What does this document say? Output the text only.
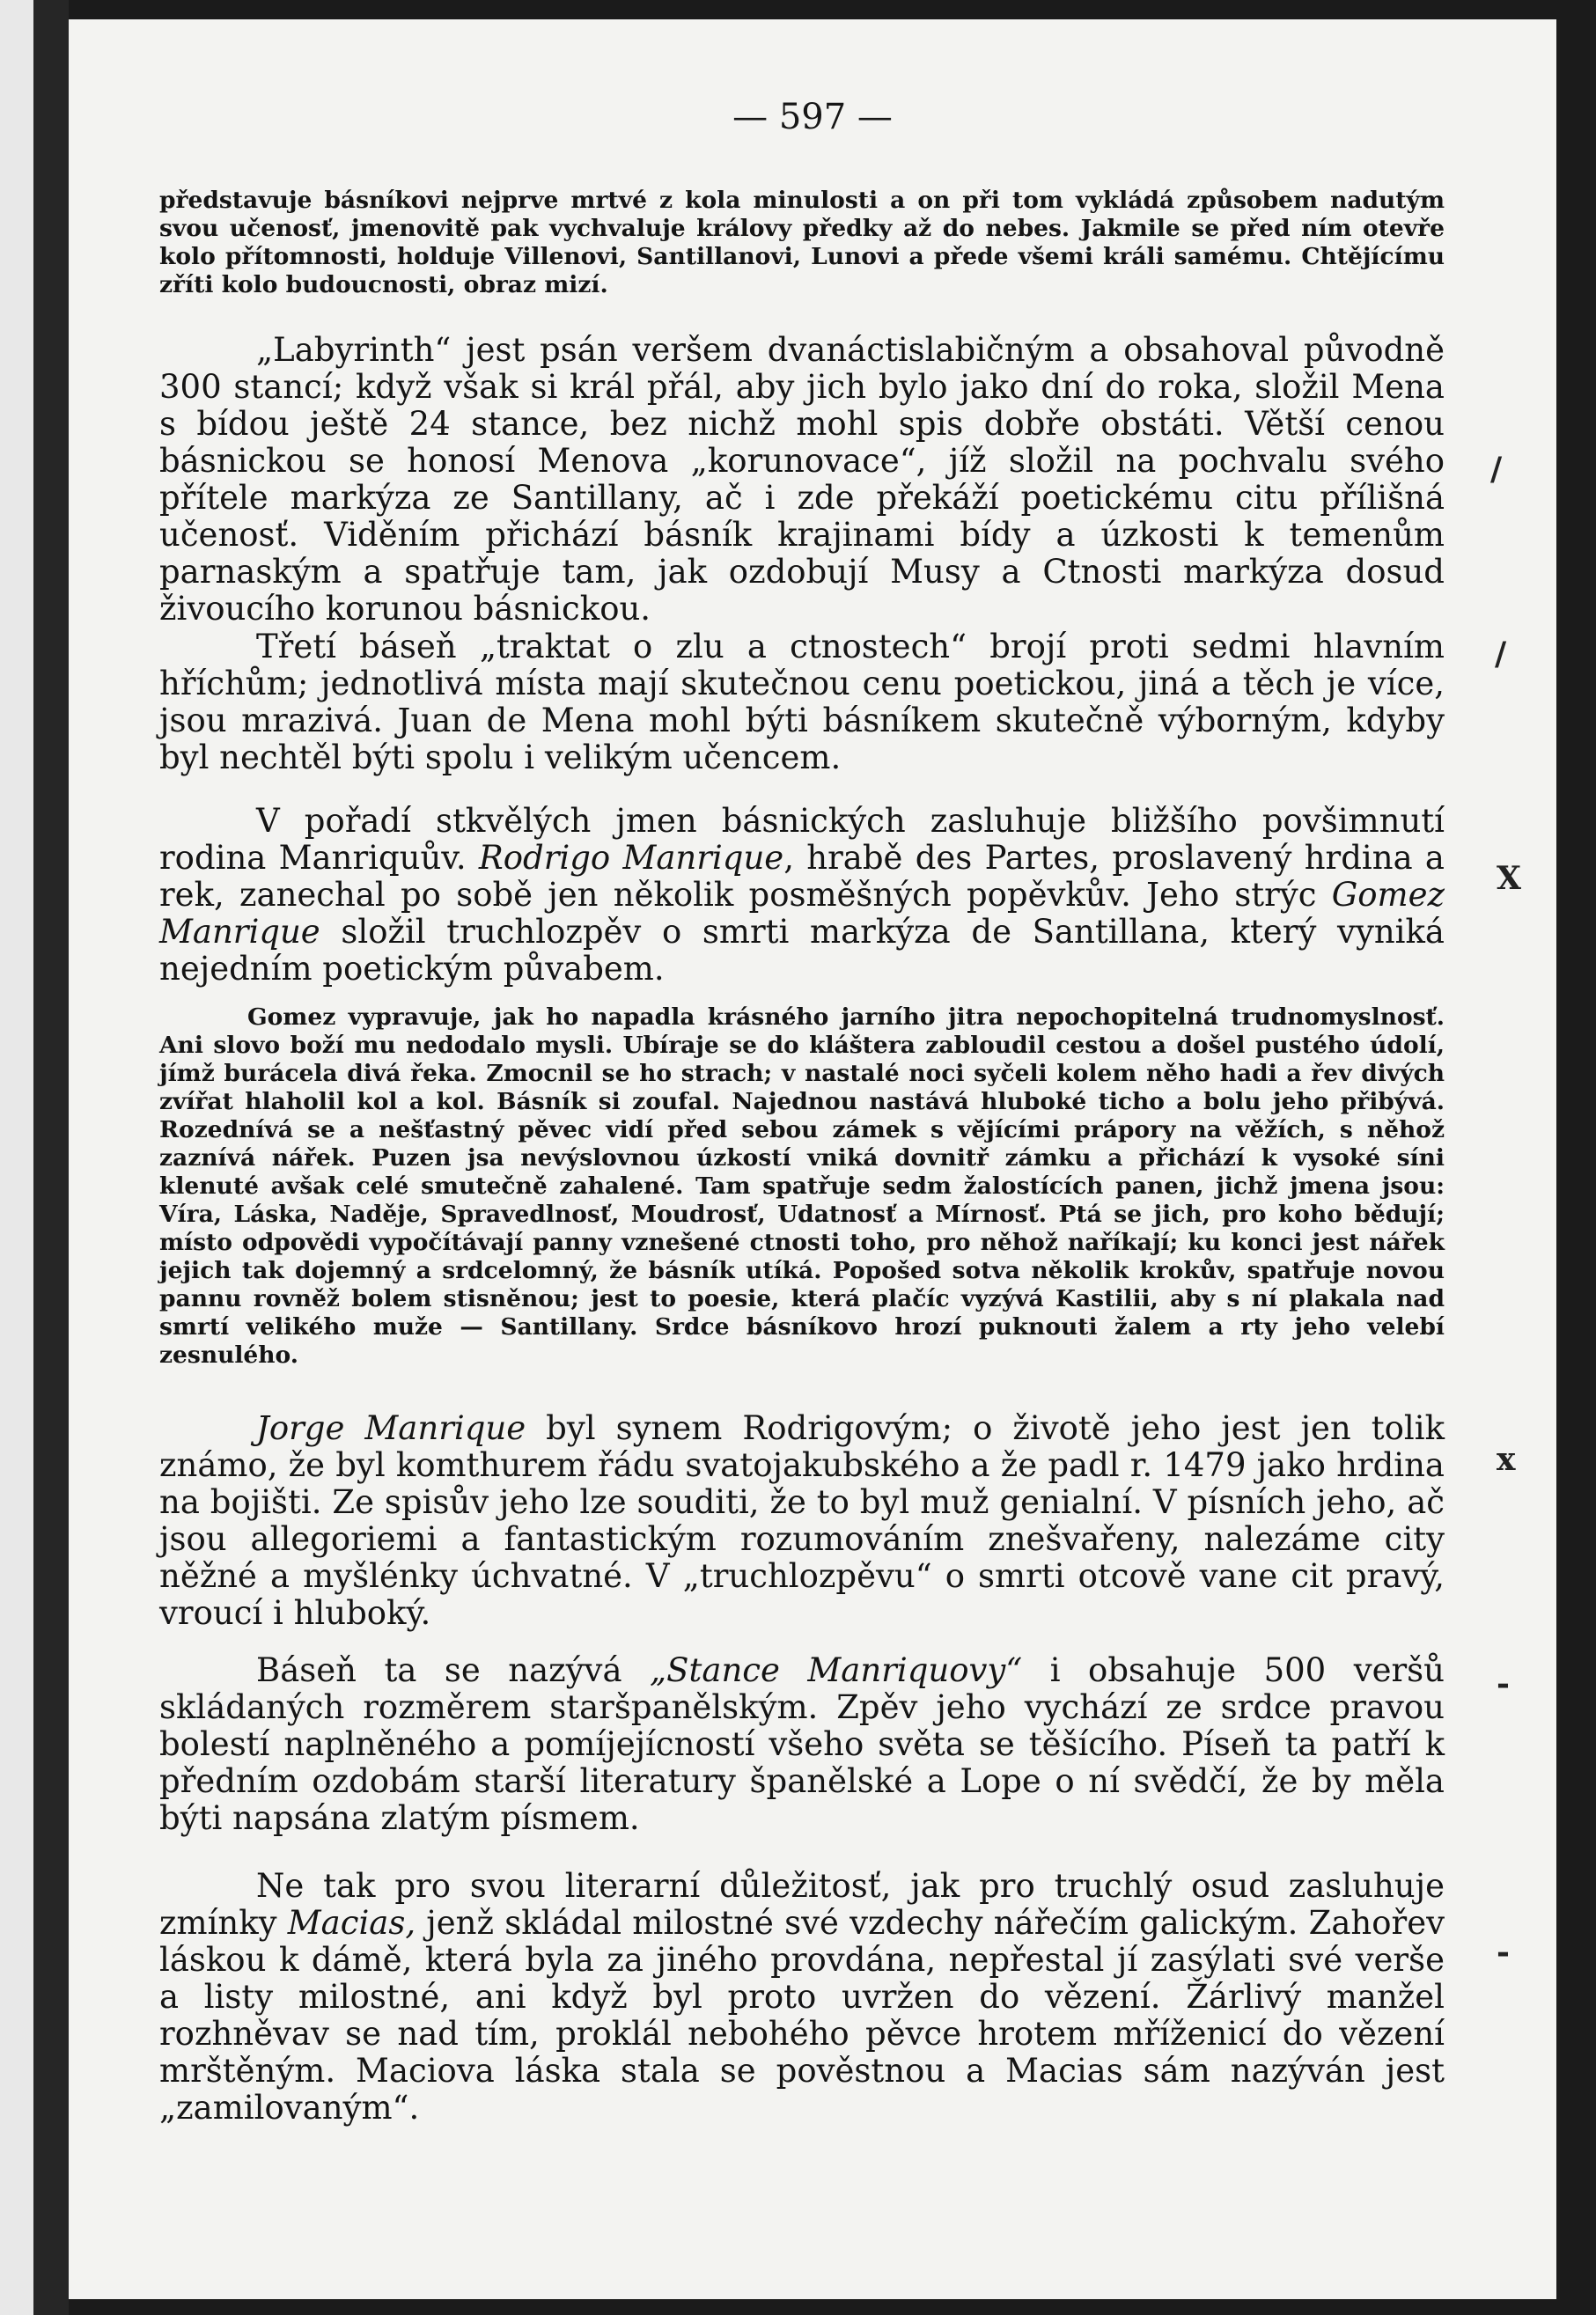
— 597 —

představuje básníkovi nejprve mrtvé z kola minulosti a on při tom vykládá způsobem nadutým svou učenosť, jmenovitě pak vychvaluje královy předky až do nebes. Jakmile se před ním otevře kolo přítomnosti, holduje Villenovi, Santillanovi, Lunovi a přede všemi králi samému. Chtějícímu zříti kolo budoucnosti, obraz mizí.

„Labyrinth“ jest psán veršem dvanáctislabičným a obsahoval původně 300 stancí; když však si král přál, aby jich bylo jako dní do roka, složil Mena s bídou ještě 24 stance, bez nichž mohl spis dobře obstáti. Větší cenou básnickou se honosí Menova „korunovace“, jíž složil na pochvalu svého přítele markýza ze Santillany, ač i zde překáží poetickému citu přílišná učenosť. Viděním přichází básník krajinami bídy a úzkosti k temenům parnaským a spatřuje tam, jak ozdobují Musy a Ctnosti markýza dosud živoucího korunou básnickou.

Třetí báseň „traktat o zlu a ctnostech“ brojí proti sedmi hlavním hříchům; jednotlivá místa mají skutečnou cenu poetickou, jiná a těch je více, jsou mrazivá. Juan de Mena mohl býti básníkem skutečně výborným, kdyby byl nechtěl býti spolu i velikým učencem.

V pořadí stkvělých jmen básnických zasluhuje bližšího povšimnutí rodina Manriquův. Rodrigo Manrique, hrabě des Partes, proslavený hrdina a rek, zanechal po sobě jen několik posměšných popěvkův. Jeho strýc Gomez Manrique složil truchlozpěv o smrti markýza de Santillana, který vyniká nejedním poetickým půvabem.

Gomez vypravuje, jak ho napadla krásného jarního jitra nepochopitelná trudnomyslnosť. Ani slovo boží mu nedodalo mysli. Ubíraje se do kláštera zabloudil cestou a došel pustého údolí, jímž burácela divá řeka. Zmocnil se ho strach; v nastalé noci syčeli kolem něho hadi a řev divých zvířat hlaholil kol a kol. Básník si zoufal. Najednou nastává hluboké ticho a bolu jeho přibývá. Rozednívá se a nešťastný pěvec vidí před sebou zámek s vějícími prápory na věžích, s něhož zaznívá nářek. Puzen jsa nevýslovnou úzkostí vniká dovnitř zámku a přichází k vysoké síni klenuté avšak celé smutečně zahalené. Tam spatřuje sedm žalostících panen, jichž jmena jsou: Víra, Láska, Naděje, Spravedlnosť, Moudrosť, Udatnosť a Mírnosť. Ptá se jich, pro koho bědují; místo odpovědi vypočítávají panny vznešené ctnosti toho, pro něhož naříkají; ku konci jest nářek jejich tak dojemný a srdcelomný, že básník utíká. Popošed sotva několik krokův, spatřuje novou pannu rovněž bolem stisněnou; jest to poesie, která plačíc vyzývá Kastilii, aby s ní plakala nad smrtí velikého muže — Santillany. Srdce básníkovo hrozí puknouti žalem a rty jeho velebí zesnulého.

Jorge Manrique byl synem Rodrigovým; o životě jeho jest jen tolik známo, že byl komthurem řádu svatojakubského a že padl r. 1479 jako hrdina na bojišti. Ze spisův jeho lze souditi, že to byl muž genialní. V písních jeho, ač jsou allegoriemi a fantastickým rozumováním znešvařeny, nalezáme city něžné a myšlénky úchvatné. V „truchlozpěvu“ o smrti otcově vane cit pravý, vroucí i hluboký.

Báseň ta se nazývá „Stance Manriquovy“ i obsahuje 500 veršů skládaných rozměrem staršpanělským. Zpěv jeho vychází ze srdce pravou bolestí naplněného a pomíjejícností všeho světa se těšícího. Píseň ta patří k předním ozdobám starší literatury španělské a Lope o ní svědčí, že by měla býti napsána zlatým písmem.

Ne tak pro svou literarní důležitosť, jak pro truchlý osud zasluhuje zmínky Macias, jenž skládal milostné své vzdechy nářečím galickým. Zahořev láskou k dámě, která byla za jiného provdána, nepřestal jí zasýlati své verše a listy milostné, ani když byl proto uvržen do vězení. Žárlivý manžel rozhněvav se nad tím, proklál nebohého pěvce hrotem mříženicí do vězení mrštěným. Maciova láska stala se pověstnou a Macias sám nazýván jest „zamilovaným“.

/
/
X
x
-
-
